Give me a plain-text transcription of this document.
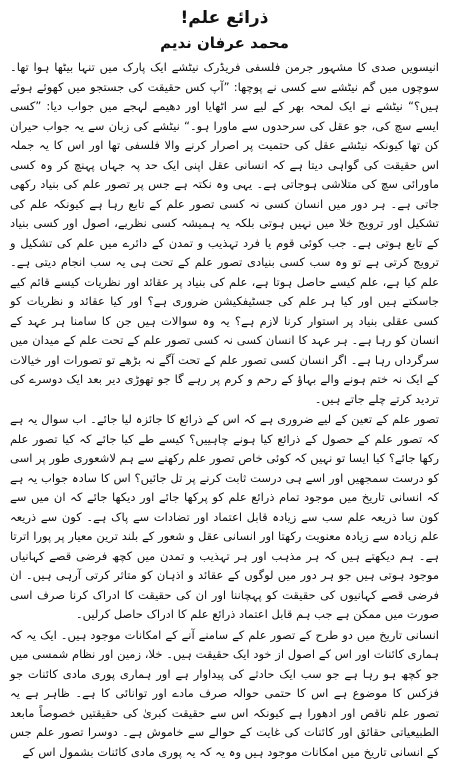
ذرائع علم!
محمد عرفان ندیم

انیسویں صدی کا مشہور جرمن فلسفی فریڈرک نیٹشے ایک پارک میں تنہا بیٹھا ہوا تھا۔ سوچوں میں گم نیٹشے سے کسی نے پوچھا: ”آپ کس حقیقت کی جستجو میں کھوئے ہوئے ہیں؟“ نیٹشے نے ایک لمحہ بھر کے لیے سر اٹھایا اور دھیمے لہجے میں جواب دیا: ”کسی ایسے سچ کی، جو عقل کی سرحدوں سے ماورا ہو۔“ نیٹشے کی زبان سے یہ جواب حیران کن تھا کیونکہ نیٹشے عقل کی حتمیت پر اصرار کرنے والا فلسفی تھا اور اس کا یہ جملہ اس حقیقت کی گواہی دیتا ہے کہ انسانی عقل اپنی ایک حد پہ جہاں پہنچ کر وہ کسی ماورائی سچ کی متلاشی ہوجاتی ہے۔ یہی وہ نکتہ ہے جس پر تصور علم کی بنیاد رکھی جاتی ہے۔ ہر دور میں انسان کسی نہ کسی تصور علم کے تابع رہا ہے کیونکہ علم کی تشکیل اور ترویج خلا میں نہیں ہوتی بلکہ یہ ہمیشہ کسی نظریے، اصول اور کسی بنیاد کے تابع ہوتی ہے۔ جب کوئی قوم یا فرد تہذیب و تمدن کے دائرے میں علم کی تشکیل و ترویج کرتی ہے تو وہ سب کسی بنیادی تصور علم کے تحت ہی یہ سب انجام دیتی ہے۔ علم کیا ہے، علم کیسے حاصل ہوتا ہے، علم کی بنیاد پر عقائد اور نظریات کیسے قائم کیے جاسکتے ہیں اور کیا ہر علم کی جسٹیفکیشن ضروری ہے؟ اور کیا عقائد و نظریات کو کسی عقلی بنیاد پر استوار کرنا لازم ہے؟ یہ وہ سوالات ہیں جن کا سامنا ہر عہد کے انسان کو رہا ہے۔ ہر عہد کا انسان کسی نہ کسی تصور علم کے تحت علم کے میدان میں سرگرداں رہا ہے۔ اگر انسان کسی تصور علم کے تحت آگے نہ بڑھے تو تصورات اور خیالات کے ایک نہ ختم ہونے والے بہاؤ کے رحم و کرم پر رہے گا جو تھوڑی دیر بعد ایک دوسرے کی تردید کرتے چلے جاتے ہیں۔

تصور علم کے تعین کے لیے ضروری ہے کہ اس کے ذرائع کا جائزہ لیا جائے۔ اب سوال یہ ہے کہ تصور علم کے حصول کے ذرائع کیا ہونے چاہییں؟ کیسے طے کیا جائے کہ کیا تصور علم رکھا جائے؟ کیا ایسا تو نہیں کہ کوئی خاص تصور علم رکھنے سے ہم لاشعوری طور پر اسی کو درست سمجھیں اور اسے ہی درست ثابت کرنے پر تل جائیں؟ اس کا سادہ جواب یہ ہے کہ انسانی تاریخ میں موجود تمام ذرائع علم کو پرکھا جائے اور دیکھا جائے کہ ان میں سے کون سا ذریعہ علم سب سے زیادہ قابل اعتماد اور تضادات سے پاک ہے۔ کون سے ذریعہ علم زیادہ سے زیادہ معنویت رکھتا اور انسانی عقل و شعور کے بلند ترین معیار پر پورا اترتا ہے۔ ہم دیکھتے ہیں کہ ہر مذہب اور ہر تہذیب و تمدن میں کچھ فرضی قصے کہانیاں موجود ہوتی ہیں جو ہر دور میں لوگوں کے عقائد و اذہان کو متاثر کرتی آرہی ہیں۔ ان فرضی قصے کہانیوں کی حقیقت کو پہچاننا اور ان کی حقیقت کا ادراک کرنا صرف اسی صورت میں ممکن ہے جب ہم قابل اعتماد ذرائع علم کا ادراک حاصل کرلیں۔

انسانی تاریخ میں دو طرح کے تصور علم کے سامنے آنے کے امکانات موجود ہیں۔ ایک یہ کہ ہماری کائنات اور اس کے اصول از خود ایک حقیقت ہیں۔ خلا، زمین اور نظام شمسی میں جو کچھ ہو رہا ہے جو سب ایک حادثے کی پیداوار ہے اور ہماری پوری مادی کائنات جو فزکس کا موضوع ہے اس کا حتمی حوالہ صرف مادے اور توانائی کا ہے۔ ظاہر ہے یہ تصور علم ناقص اور ادھورا ہے کیونکہ اس سے حقیقت کبریٰ کی حقیقتیں خصوصاً مابعد الطبیعیاتی حقائق اور کائنات کی غایت کے حوالے سے خاموش ہے۔ دوسرا تصور علم جس کے انسانی تاریخ میں امکانات موجود ہیں وہ یہ کہ یہ پوری مادی کائنات بشمول اس کے
